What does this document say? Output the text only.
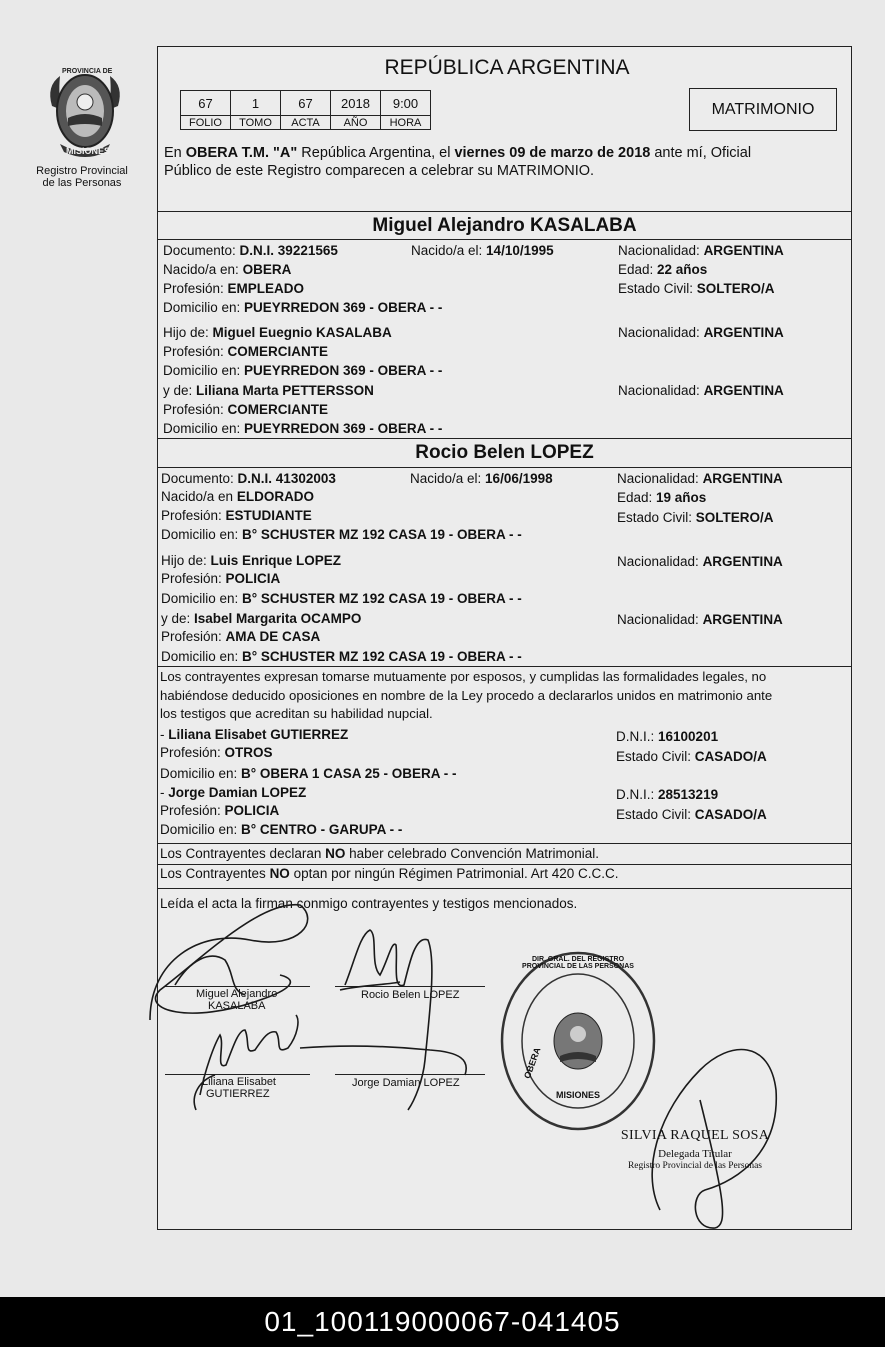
PROVINCIA DE
MISIONES
Registro Provincial
de las Personas
REPÚBLICA ARGENTINA
67	1	67	2018	9:00
FOLIO	TOMO	ACTA	AÑO	HORA
MATRIMONIO
En OBERA T.M. "A" República Argentina, el viernes 09 de marzo de 2018 ante mí, Oficial
Público de este Registro comparecen a celebrar su MATRIMONIO.
Miguel Alejandro KASALABA
Documento: D.N.I. 39221565	Nacido/a el: 14/10/1995	Nacionalidad: ARGENTINA
Nacido/a en: OBERA	Edad: 22 años
Profesión: EMPLEADO	Estado Civil: SOLTERO/A
Domicilio en: PUEYRREDON 369 - OBERA - -
Hijo de: Miguel Euegnio KASALABA	Nacionalidad: ARGENTINA
Profesión: COMERCIANTE
Domicilio en: PUEYRREDON 369 - OBERA - -
y de: Liliana Marta PETTERSSON	Nacionalidad: ARGENTINA
Profesión: COMERCIANTE
Domicilio en: PUEYRREDON 369 - OBERA - -
Rocio Belen LOPEZ
Documento: D.N.I. 41302003	Nacido/a el: 16/06/1998	Nacionalidad: ARGENTINA
Nacido/a en ELDORADO	Edad: 19 años
Profesión: ESTUDIANTE	Estado Civil: SOLTERO/A
Domicilio en: B° SCHUSTER MZ 192 CASA 19 - OBERA - -
Hijo de: Luis Enrique LOPEZ	Nacionalidad: ARGENTINA
Profesión: POLICIA
Domicilio en: B° SCHUSTER MZ 192 CASA 19 - OBERA - -
y de: Isabel Margarita OCAMPO	Nacionalidad: ARGENTINA
Profesión: AMA DE CASA
Domicilio en: B° SCHUSTER MZ 192 CASA 19 - OBERA - -
Los contrayentes expresan tomarse mutuamente por esposos, y cumplidas las formalidades legales, no
habiéndose deducido oposiciones en nombre de la Ley procedo a declararlos unidos en matrimonio ante
los testigos que acreditan su habilidad nupcial.
- Liliana Elisabet GUTIERREZ	D.N.I.: 16100201
Profesión: OTROS	Estado Civil: CASADO/A
Domicilio en: B° OBERA 1 CASA 25 - OBERA - -
- Jorge Damian LOPEZ	D.N.I.: 28513219
Profesión: POLICIA	Estado Civil: CASADO/A
Domicilio en: B° CENTRO - GARUPA - -
Los Contrayentes declaran NO haber celebrado Convención Matrimonial.
Los Contrayentes NO optan por ningún Régimen Patrimonial. Art 420 C.C.C.
Leída el acta la firman conmigo contrayentes y testigos mencionados.
Miguel Alejandro
KASALABA
Rocio Belen LOPEZ
Liliana Elisabet
GUTIERREZ
Jorge Damian LOPEZ
DIR. GRAL. DEL REGISTRO PROVINCIAL DE LAS PERSONAS
OBERA
MISIONES
SILVIA RAQUEL SOSA
Delegada Titular
Registro Provincial de las Personas
01_100119000067-041405
